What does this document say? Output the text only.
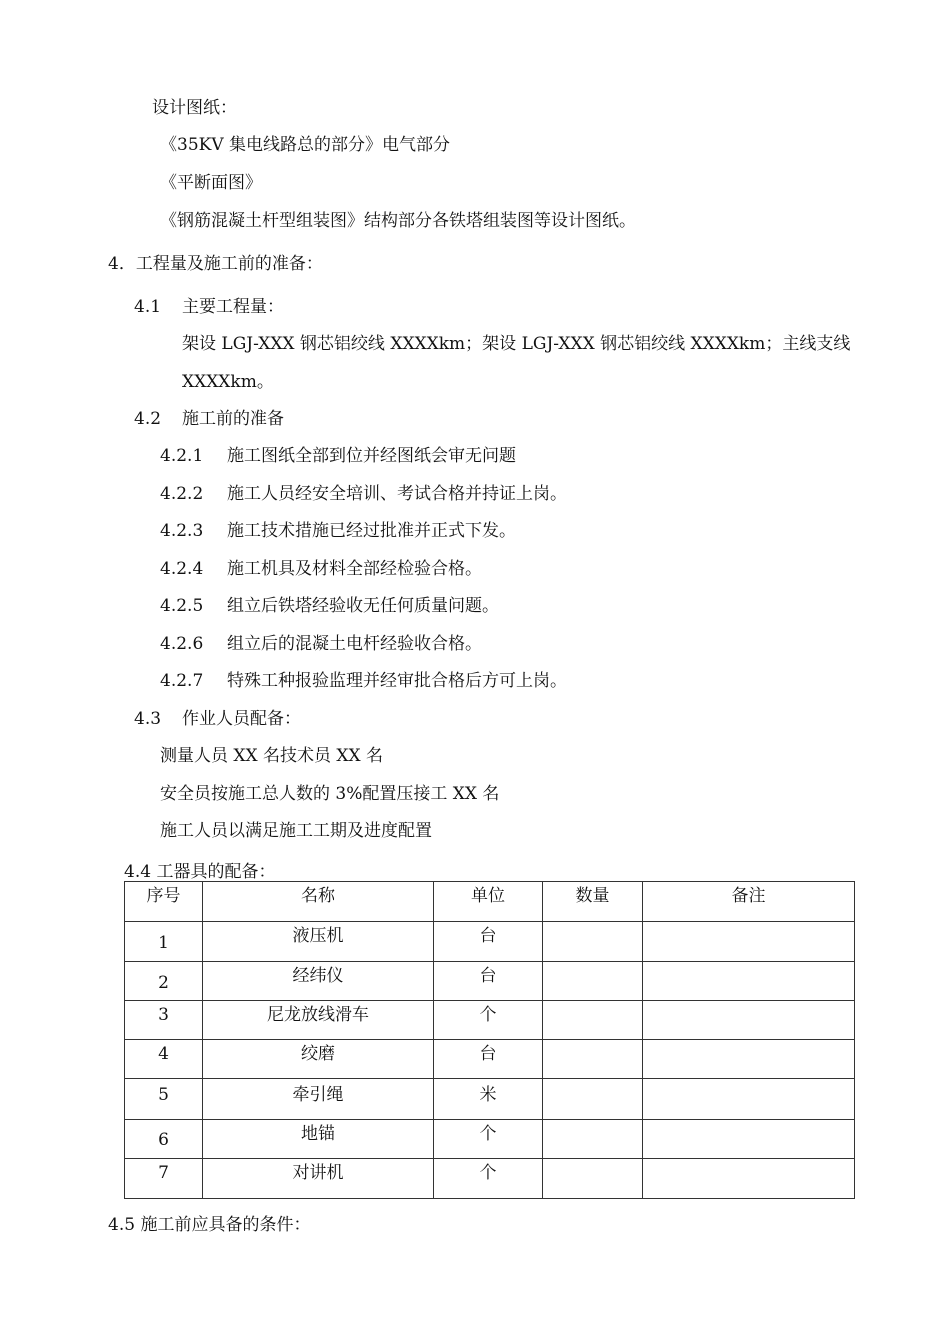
设计图纸：
《35KV 集电线路总的部分》电气部分
《平断面图》
《钢筋混凝土杆型组装图》结构部分各铁塔组装图等设计图纸。
4．工程量及施工前的准备：
4.1 主要工程量：
架设 LGJ-XXX 钢芯铝绞线 XXXXkm；架设 LGJ-XXX 钢芯铝绞线 XXXXkm；主线支线
XXXXkm。
4.2 施工前的准备
4.2.1 施工图纸全部到位并经图纸会审无问题
4.2.2 施工人员经安全培训、考试合格并持证上岗。
4.2.3 施工技术措施已经过批准并正式下发。
4.2.4 施工机具及材料全部经检验合格。
4.2.5 组立后铁塔经验收无任何质量问题。
4.2.6 组立后的混凝土电杆经验收合格。
4.2.7 特殊工种报验监理并经审批合格后方可上岗。
4.3 作业人员配备：
测量人员 XX 名技术员 XX 名
安全员按施工总人数的 3%配置压接工 XX 名
施工人员以满足施工工期及进度配置
4.4 工器具的配备：
序号	名称	单位	数量	备注
1	液压机	台		
2	经纬仪	台		
3	尼龙放线滑车	个		
4	绞磨	台		
5	牵引绳	米		
6	地锚	个		
7	对讲机	个		
4.5 施工前应具备的条件：
